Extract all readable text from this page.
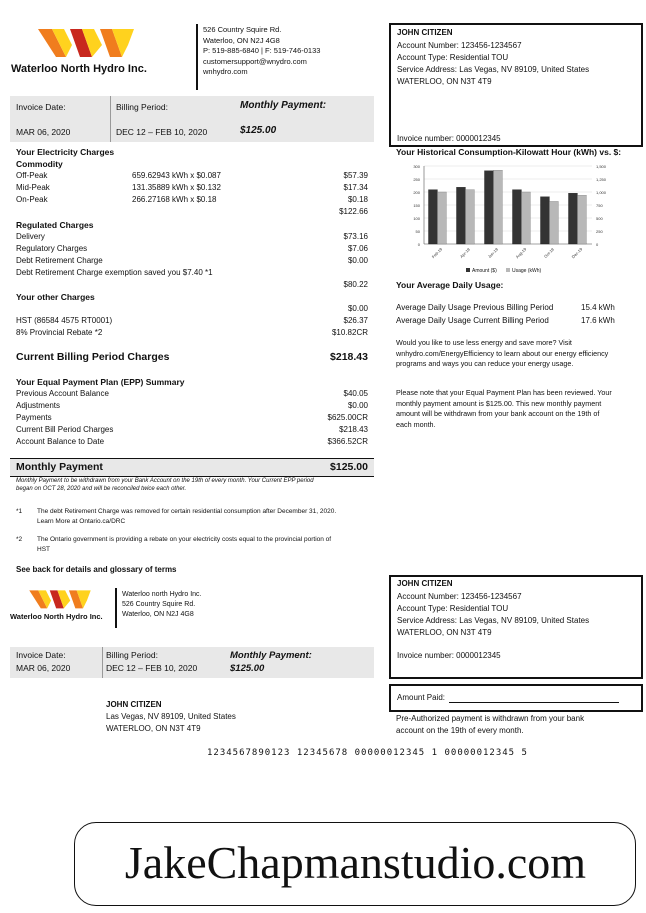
Waterloo North Hydro Inc.
526 Country Squire Rd.
Waterloo, ON N2J 4G8
P: 519-885-6840 | F: 519-746-0133
customersupport@wnydro.com
wnhydro.com
JOHN CITIZEN
Account Number: 123456-1234567
Account Type: Residential TOU
Service Address: Las Vegas, NV 89109, United States
WATERLOO, ON N3T 4T9
Invoice number: 0000012345
Invoice Date:	Billing Period:	Monthly Payment:
MAR 06, 2020	DEC 12 – FEB 10, 2020	$125.00
Your Electricity Charges
Commodity
Off-Peak	659.62943 kWh x $0.087	$57.39
Mid-Peak	131.35889 kWh x $0.132	$17.34
On-Peak	266.27168 kWh x $0.18	$0.18
$122.66
Regulated Charges
Delivery	$73.16
Regulatory Charges	$7.06
Debt Retirement Charge	$0.00
Debt Retirement Charge exemption saved you $7.40 *1
$80.22
Your other Charges
$0.00
HST (86584 4575 RT0001)	$26.37
8% Provincial Rebate *2	$10.82CR
Current Billing Period Charges	$218.43
Your Equal Payment Plan (EPP) Summary
Previous Account Balance	$40.05
Adjustments	$0.00
Payments	$625.00CR
Current Bill Period Charges	$218.43
Account Balance to Date	$366.52CR
Monthly Payment	$125.00
Monthly Payment to be withdrawn from your Bank Account on the 19th of every month. Your Current EPP period
began on OCT 28, 2020 and will be reconciled twice each other.
*1 The debt Retirement Charge was removed for certain residential consumption after December 31, 2020.
Learn More at Ontario.ca/DRC
*2 The Ontario government is providing a rebate on your electricity costs equal to the provincial portion of
HST
See back for details and glossary of terms
Your Historical Consumption-Kilowatt Hour (kWh) vs. $:
300	1,500
250	1,250
200	1,000
150	750
100	500
50	250
0	0
Feb-19	Apr-19	Jun-19	Aug-19	Oct-19	Dec-19
Amount ($)	Usage (kWh)
Your Average Daily Usage:
Average Daily Usage Previous Billing Period	15.4 kWh
Average Daily Usage Current Billing Period	17.6 kWh
Would you like to use less energy and save more? Visit
wnhydro.com/EnergyEfficiency to learn about our energy efficiency
programs and ways you can reduce your energy usage.
Please note that your Equal Payment Plan has been reviewed. Your
monthly payment amount is $125.00. This new monthly payment
amount will be withdrawn from your bank account on the 19th of
each month.
Waterloo North Hydro Inc.
Waterloo north Hydro Inc.
526 Country Squire Rd.
Waterloo, ON N2J 4G8
JOHN CITIZEN
Account Number: 123456-1234567
Account Type: Residential TOU
Service Address: Las Vegas, NV 89109, United States
WATERLOO, ON N3T 4T9
Invoice number: 0000012345
Invoice Date:	Billing Period:	Monthly Payment:
MAR 06, 2020	DEC 12 – FEB 10, 2020	$125.00
JOHN CITIZEN
Las Vegas, NV 89109, United States
WATERLOO, ON N3T 4T9
Amount Paid:
Pre-Authorized payment is withdrawn from your bank
account on the 19th of every month.
1234567890123 12345678 00000012345 1 00000012345 5
JakeChapmanstudio.com
